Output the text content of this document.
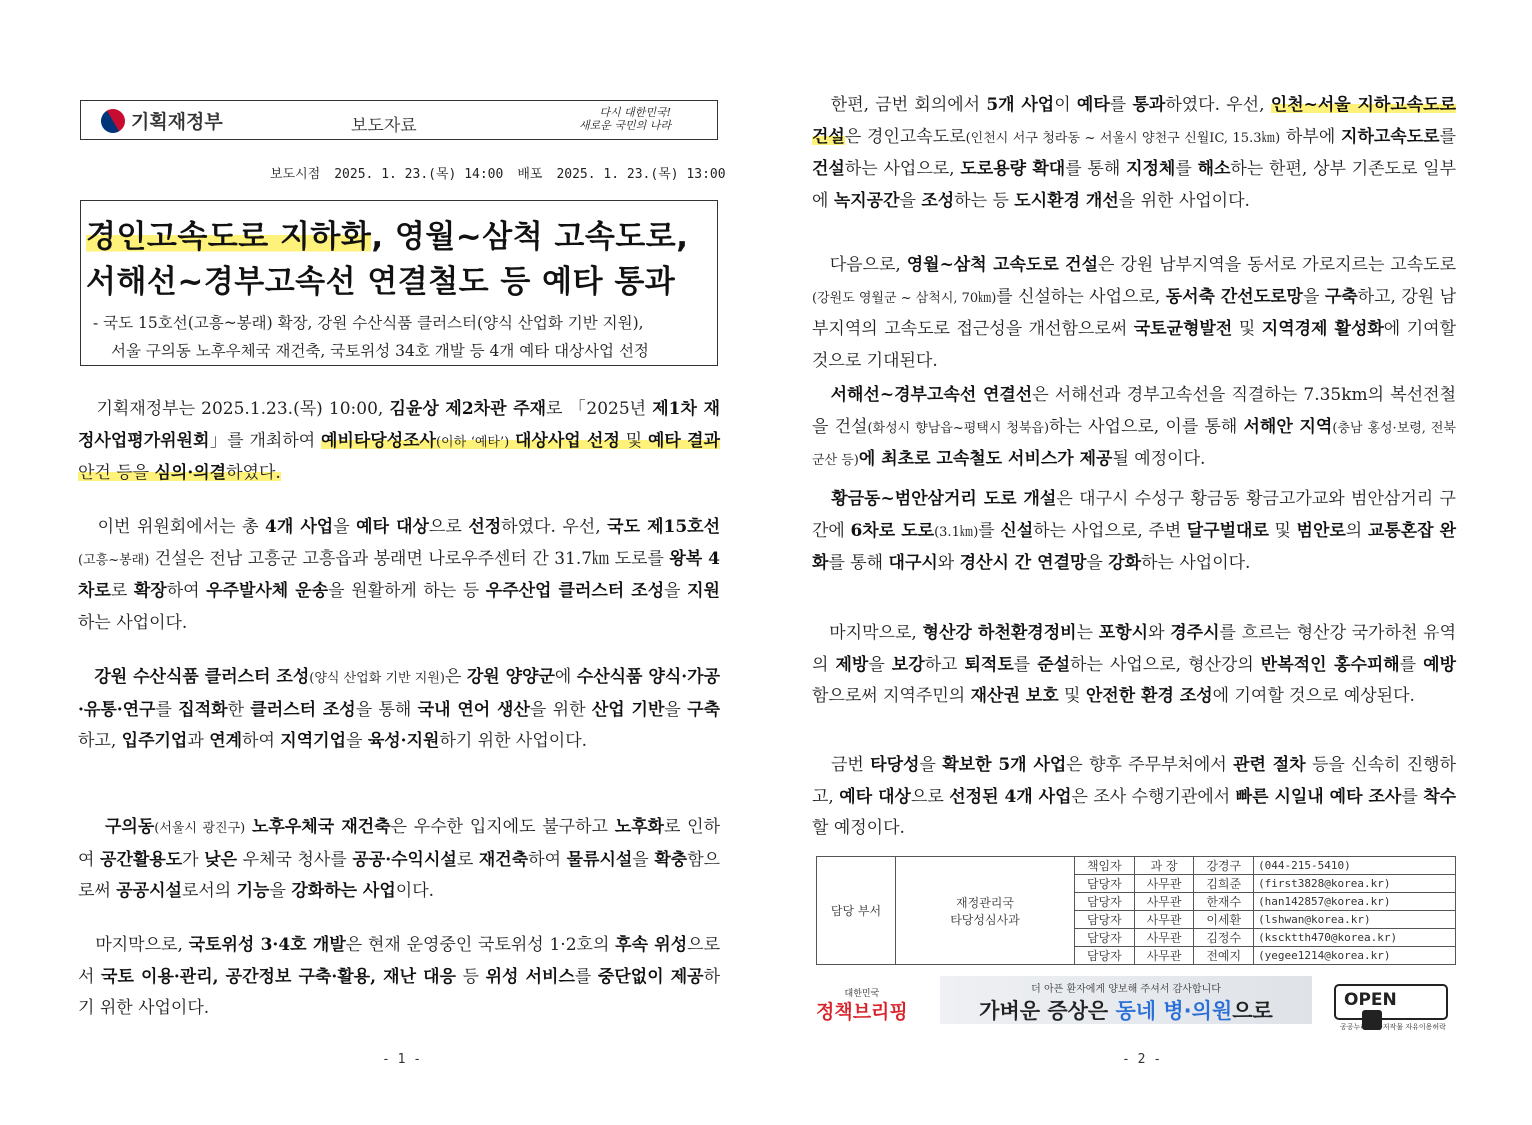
기획재정부	보도자료
다시 대한민국!
새로운 국민의 나라
보도시점 2025. 1. 23.(목) 14:00 배포 2025. 1. 23.(목) 13:00
경인고속도로 지하화, 영월~삼척 고속도로,
서해선~경부고속선 연결철도 등 예타 통과
- 국도 15호선(고흥~봉래) 확장, 강원 수산식품 클러스터(양식 산업화 기반 지원),
서울 구의동 노후우체국 재건축, 국토위성 34호 개발 등 4개 예타 대상사업 선정
기획재정부는 2025.1.23.(목) 10:00, 김윤상 제2차관 주재로 「2025년 제1차 재정사업평가위원회」를 개최하여 예비타당성조사(이하 ‘예타’) 대상사업 선정 및 예타 결과 안건 등을 심의·의결하였다.
이번 위원회에서는 총 4개 사업을 예타 대상으로 선정하였다. 우선, 국도 제15호선(고흥~봉래) 건설은 전남 고흥군 고흥읍과 봉래면 나로우주센터 간 31.7㎞ 도로를 왕복 4차로로 확장하여 우주발사체 운송을 원활하게 하는 등 우주산업 클러스터 조성을 지원하는 사업이다.
강원 수산식품 클러스터 조성(양식 산업화 기반 지원)은 강원 양양군에 수산식품 양식·가공·유통·연구를 집적화한 클러스터 조성을 통해 국내 연어 생산을 위한 산업 기반을 구축하고, 입주기업과 연계하여 지역기업을 육성·지원하기 위한 사업이다.
구의동(서울시 광진구) 노후우체국 재건축은 우수한 입지에도 불구하고 노후화로 인하여 공간활용도가 낮은 우체국 청사를 공공·수익시설로 재건축하여 물류시설을 확충함으로써 공공시설로서의 기능을 강화하는 사업이다.
마지막으로, 국토위성 3·4호 개발은 현재 운영중인 국토위성 1·2호의 후속 위성으로서 국토 이용·관리, 공간정보 구축·활용, 재난 대응 등 위성 서비스를 중단없이 제공하기 위한 사업이다.
- 1 -
한편, 금번 회의에서 5개 사업이 예타를 통과하였다. 우선, 인천~서울 지하고속도로 건설은 경인고속도로(인천시 서구 청라동 ~ 서울시 양천구 신월IC, 15.3㎞) 하부에 지하고속도로를 건설하는 사업으로, 도로용량 확대를 통해 지정체를 해소하는 한편, 상부 기존도로 일부에 녹지공간을 조성하는 등 도시환경 개선을 위한 사업이다.
다음으로, 영월~삼척 고속도로 건설은 강원 남부지역을 동서로 가로지르는 고속도로(강원도 영월군 ~ 삼척시, 70㎞)를 신설하는 사업으로, 동서축 간선도로망을 구축하고, 강원 남부지역의 고속도로 접근성을 개선함으로써 국토균형발전 및 지역경제 활성화에 기여할 것으로 기대된다.
서해선~경부고속선 연결선은 서해선과 경부고속선을 직결하는 7.35km의 복선전철을 건설(화성시 향남읍~평택시 청북읍)하는 사업으로, 이를 통해 서해안 지역(충남 홍성·보령, 전북 군산 등)에 최초로 고속철도 서비스가 제공될 예정이다.
황금동~범안삼거리 도로 개설은 대구시 수성구 황금동 황금고가교와 범안삼거리 구간에 6차로 도로(3.1㎞)를 신설하는 사업으로, 주변 달구벌대로 및 범안로의 교통혼잡 완화를 통해 대구시와 경산시 간 연결망을 강화하는 사업이다.
마지막으로, 형산강 하천환경정비는 포항시와 경주시를 흐르는 형산강 국가하천 유역의 제방을 보강하고 퇴적토를 준설하는 사업으로, 형산강의 반복적인 홍수피해를 예방함으로써 지역주민의 재산권 보호 및 안전한 환경 조성에 기여할 것으로 예상된다.
금번 타당성을 확보한 5개 사업은 향후 주무부처에서 관련 절차 등을 신속히 진행하고, 예타 대상으로 선정된 4개 사업은 조사 수행기관에서 빠른 시일내 예타 조사를 착수할 예정이다.
담당 부서	재정관리국
타당성심사과	책임자	과 장	강경구	(044-215-5410)
		담당자	사무관	김희준	(first3828@korea.kr)
		담당자	사무관	한재수	(han142857@korea.kr)
		담당자	사무관	이세환	(lshwan@korea.kr)
		담당자	사무관	김정수	(kscktth470@korea.kr)
		담당자	사무관	전예지	(yegee1214@korea.kr)
대한민국
정책브리핑
더 아픈 환자에게 양보해 주셔서 감사합니다
가벼운 증상은 동네 병·의원으로	OPEN
공공누리 공공저작물 자유이용허락
- 2 -
